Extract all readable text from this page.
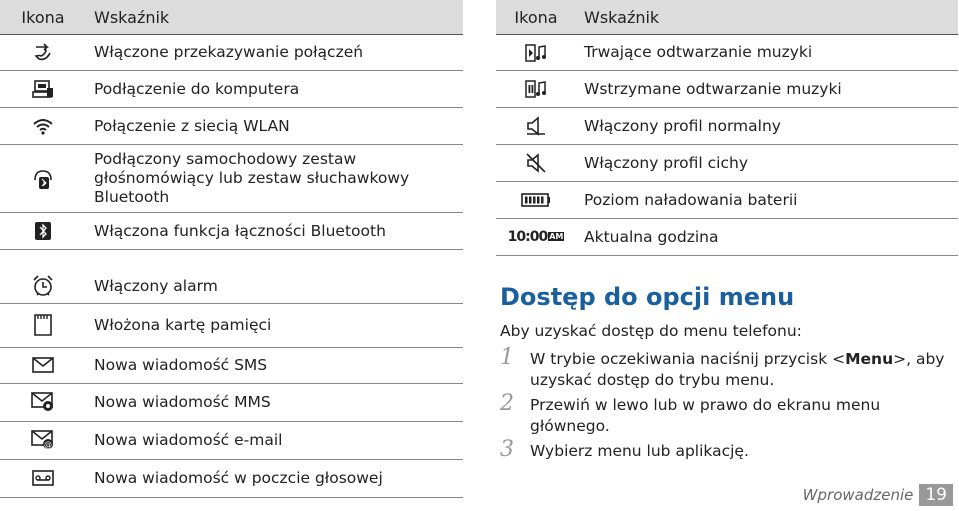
Ikona	Wskaźnik
	Włączone przekazywanie połączeń
	Podłączenie do komputera
	Połączenie z siecią WLAN
	Podłączony samochodowy zestaw głośnomówiący lub zestaw słuchawkowy Bluetooth
	Włączona funkcja łączności Bluetooth

	Włączony alarm
	Włożona kartę pamięci
	Nowa wiadomość SMS
	Nowa wiadomość MMS

@	Nowa wiadomość e-mail
	Nowa wiadomość w poczcie głosowej
Ikona	Wskaźnik
	Trwające odtwarzanie muzyki
	Wstrzymane odtwarzanie muzyki
	Włączony profil normalny
	Włączony profil cichy
	Poziom naładowania baterii
10:00 AM	Aktualna godzina
Dostęp do opcji menu
Aby uzyskać dostęp do menu telefonu:
1 W trybie oczekiwania naciśnij przycisk <Menu>, aby uzyskać dostęp do trybu menu.
2 Przewiń w lewo lub w prawo do ekranu menu głównego.
3 Wybierz menu lub aplikację.
Wprowadzenie 19
